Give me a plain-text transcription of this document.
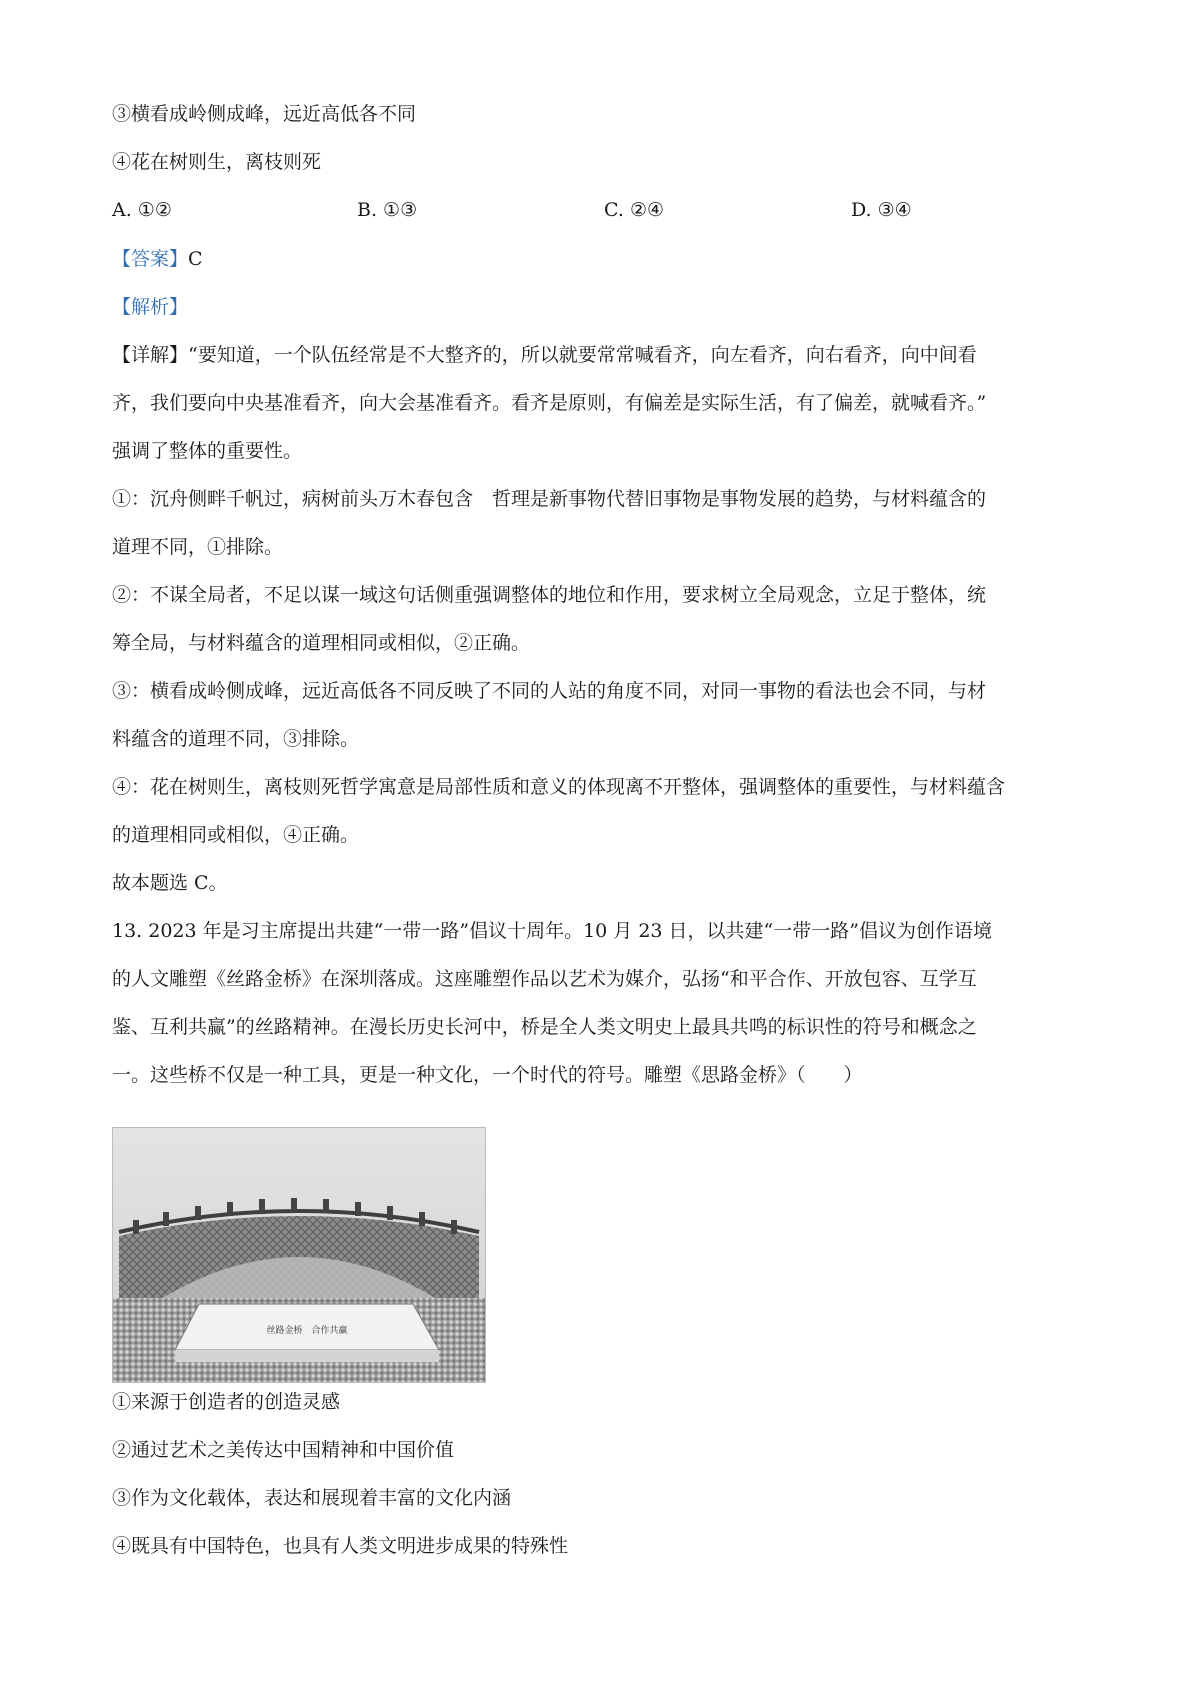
③横看成岭侧成峰，远近高低各不同
④花在树则生，离枝则死
A. ①②	B. ①③	C. ②④	D. ③④
【答案】C
【解析】
【详解】“要知道，一个队伍经常是不大整齐的，所以就要常常喊看齐，向左看齐，向右看齐，向中间看
齐，我们要向中央基准看齐，向大会基准看齐。看齐是原则，有偏差是实际生活，有了偏差，就喊看齐。”
强调了整体的重要性。
①：沉舟侧畔千帆过，病树前头万木春包含　哲理是新事物代替旧事物是事物发展的趋势，与材料蕴含的
道理不同，①排除。
②：不谋全局者，不足以谋一域这句话侧重强调整体的地位和作用，要求树立全局观念，立足于整体，统
筹全局，与材料蕴含的道理相同或相似，②正确。
③：横看成岭侧成峰，远近高低各不同反映了不同的人站的角度不同，对同一事物的看法也会不同，与材
料蕴含的道理不同，③排除。
④：花在树则生，离枝则死哲学寓意是局部性质和意义的体现离不开整体，强调整体的重要性，与材料蕴含
的道理相同或相似，④正确。
故本题选 C。
13. 2023 年是习主席提出共建“一带一路”倡议十周年。10 月 23 日，以共建“一带一路”倡议为创作语境
的人文雕塑《丝路金桥》在深圳落成。这座雕塑作品以艺术为媒介，弘扬“和平合作、开放包容、互学互
鉴、互利共赢”的丝路精神。在漫长历史长河中，桥是全人类文明史上最具共鸣的标识性的符号和概念之
一。这些桥不仅是一种工具，更是一种文化，一个时代的符号。雕塑《思路金桥》（　　）
丝路金桥　合作共赢
①来源于创造者的创造灵感
②通过艺术之美传达中国精神和中国价值
③作为文化载体，表达和展现着丰富的文化内涵
④既具有中国特色，也具有人类文明进步成果的特殊性
